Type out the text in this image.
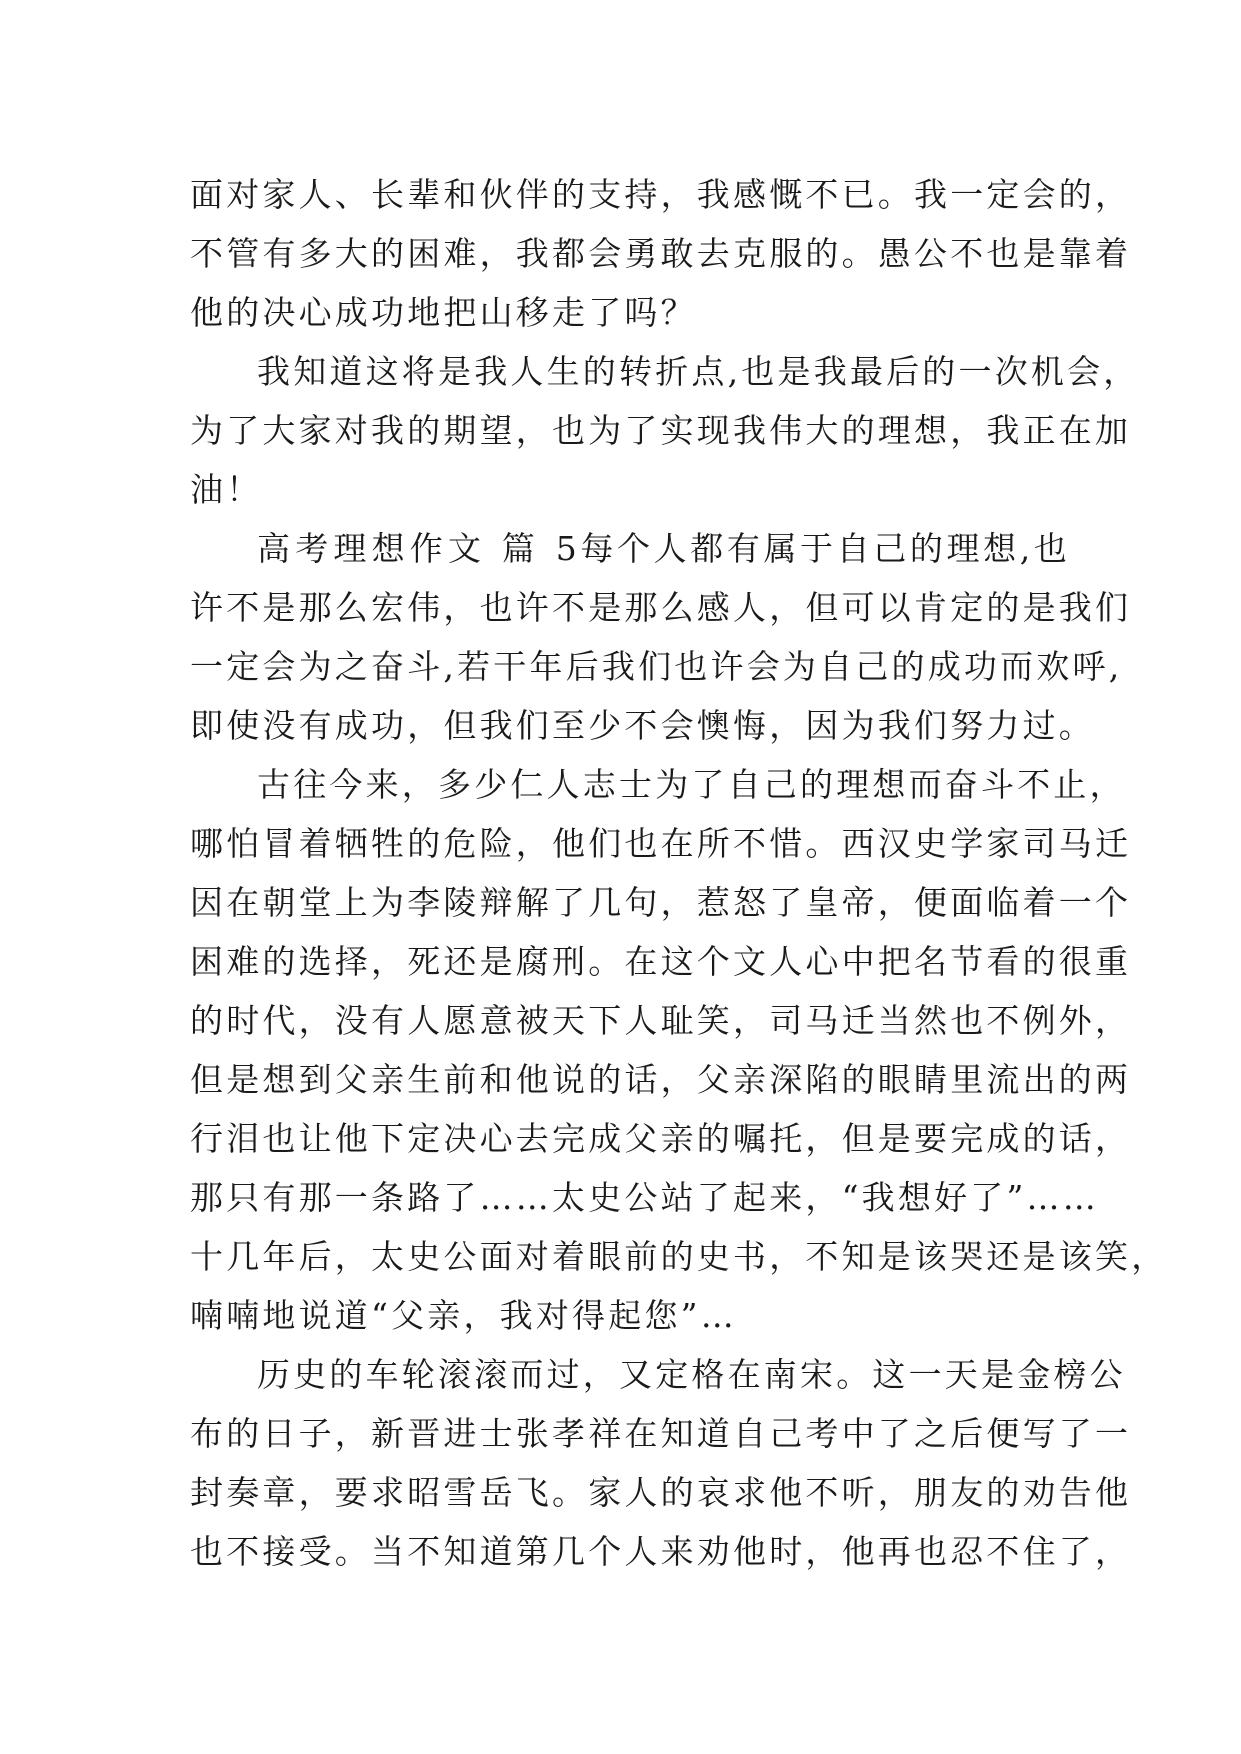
面对家人、长辈和伙伴的支持，我感慨不已。我一定会的，
不管有多大的困难，我都会勇敢去克服的。愚公不也是靠着
他的决心成功地把山移走了吗？
我知道这将是我人生的转折点,也是我最后的一次机会，
为了大家对我的期望，也为了实现我伟大的理想，我正在加
油！
高考理想作文 篇 5每个人都有属于自己的理想,也
许不是那么宏伟，也许不是那么感人，但可以肯定的是我们
一定会为之奋斗,若干年后我们也许会为自己的成功而欢呼,
即使没有成功，但我们至少不会懊悔，因为我们努力过。
古往今来，多少仁人志士为了自己的理想而奋斗不止，
哪怕冒着牺牲的危险，他们也在所不惜。西汉史学家司马迁
因在朝堂上为李陵辩解了几句，惹怒了皇帝，便面临着一个
困难的选择，死还是腐刑。在这个文人心中把名节看的很重
的时代，没有人愿意被天下人耻笑，司马迁当然也不例外，
但是想到父亲生前和他说的话，父亲深陷的眼睛里流出的两
行泪也让他下定决心去完成父亲的嘱托，但是要完成的话，
那只有那一条路了……太史公站了起来，“我想好了”……
十几年后，太史公面对着眼前的史书，不知是该哭还是该笑，
喃喃地说道“父亲，我对得起您”…
历史的车轮滚滚而过，又定格在南宋。这一天是金榜公
布的日子，新晋进士张孝祥在知道自己考中了之后便写了一
封奏章，要求昭雪岳飞。家人的哀求他不听，朋友的劝告他
也不接受。当不知道第几个人来劝他时，他再也忍不住了，
